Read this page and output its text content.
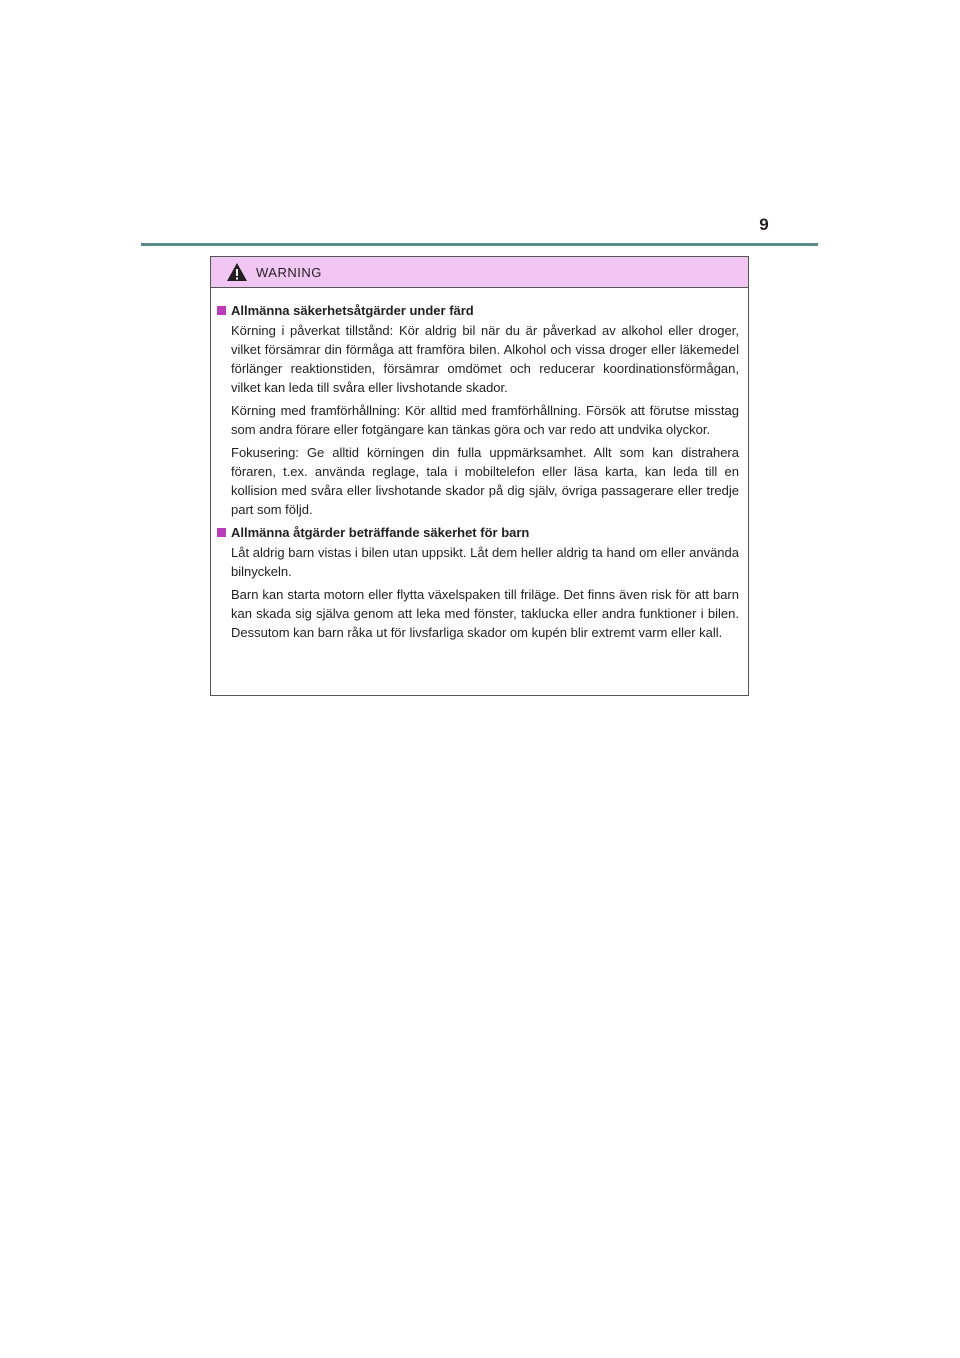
9
WARNING
Allmänna säkerhetsåtgärder under färd

Körning i påverkat tillstånd: Kör aldrig bil när du är påverkad av alkohol eller droger, vilket försämrar din förmåga att framföra bilen. Alkohol och vissa droger eller läkemedel förlänger reaktionstiden, försämrar omdömet och reducerar koordinationsförmågan, vilket kan leda till svåra eller livshotande skador.

Körning med framförhållning: Kör alltid med framförhållning. Försök att förutse misstag som andra förare eller fotgängare kan tänkas göra och var redo att undvika olyckor.

Fokusering: Ge alltid körningen din fulla uppmärksamhet. Allt som kan distrahera föraren, t.ex. använda reglage, tala i mobiltelefon eller läsa karta, kan leda till en kollision med svåra eller livshotande skador på dig själv, övriga passagerare eller tredje part som följd.

Allmänna åtgärder beträffande säkerhet för barn

Låt aldrig barn vistas i bilen utan uppsikt. Låt dem heller aldrig ta hand om eller använda bilnyckeln.

Barn kan starta motorn eller flytta växelspaken till friläge. Det finns även risk för att barn kan skada sig själva genom att leka med fönster, taklucka eller andra funktioner i bilen. Dessutom kan barn råka ut för livsfarliga skador om kupén blir extremt varm eller kall.
